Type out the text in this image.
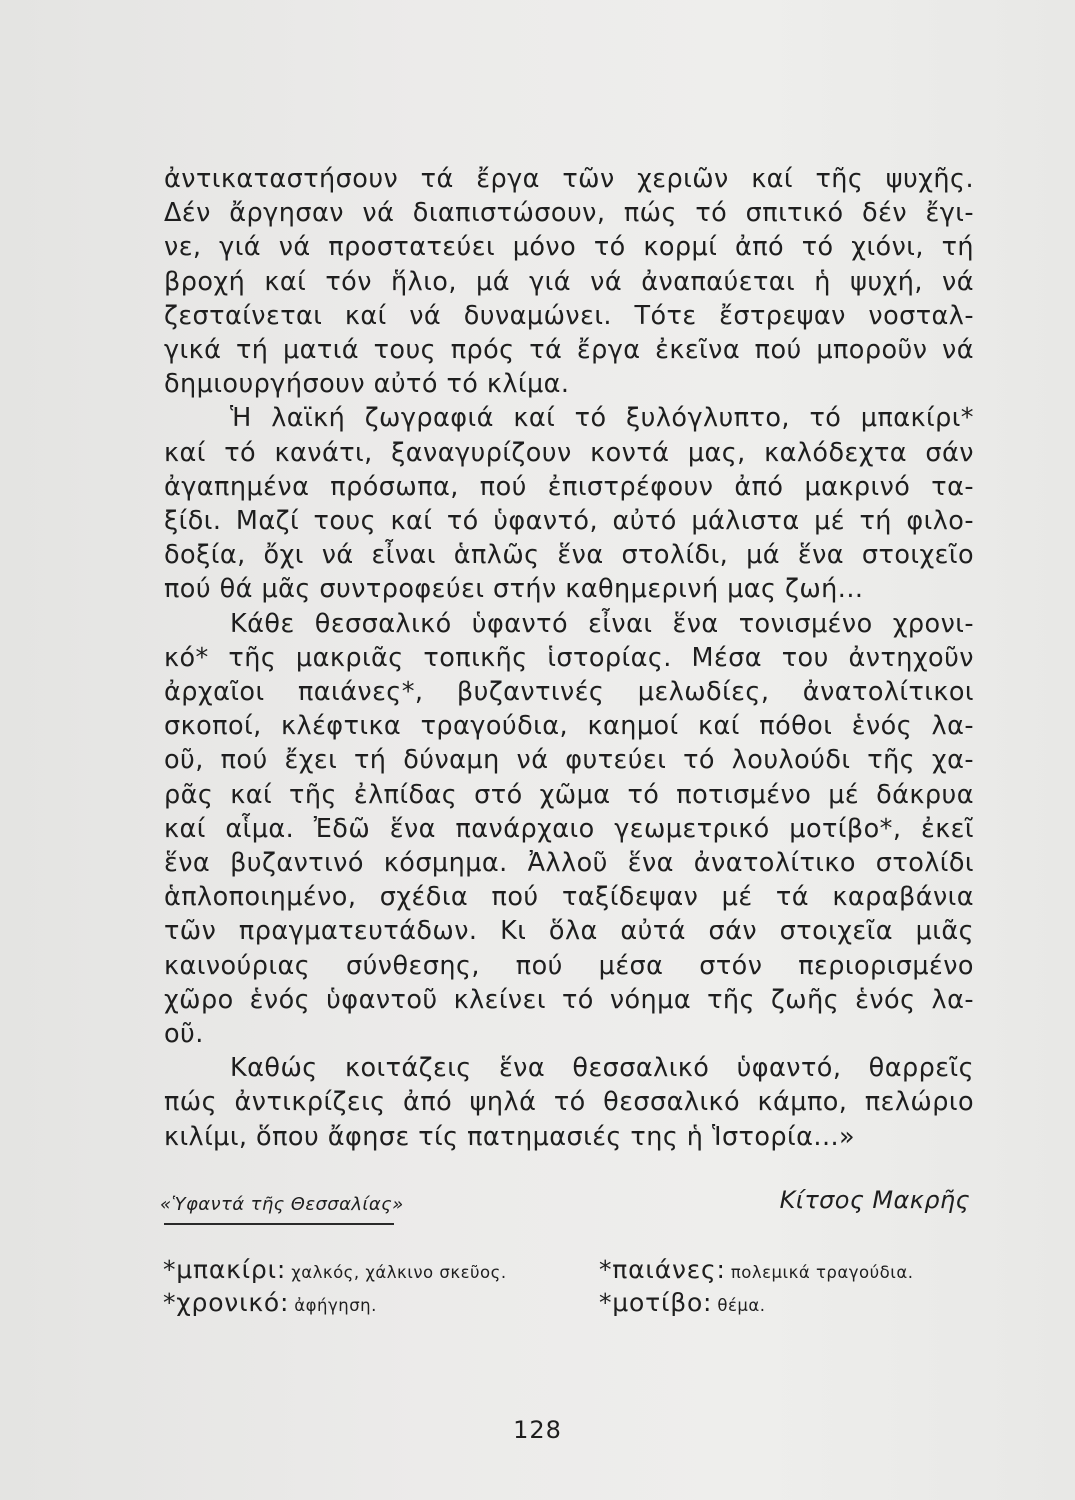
ἀντικαταστήσουν τά ἔργα τῶν χεριῶν καί τῆς ψυχῆς.
Δέν ἄργησαν νά διαπιστώσουν, πώς τό σπιτικό δέν ἔγι-
νε, γιά νά προστατεύει μόνο τό κορμί ἀπό τό χιόνι, τή
βροχή καί τόν ἥλιο, μά γιά νά ἀναπαύεται ἡ ψυχή, νά
ζεσταίνεται καί νά δυναμώνει. Τότε ἔστρεψαν νοσταλ-
γικά τή ματιά τους πρός τά ἔργα ἐκεῖνα πού μποροῦν νά
δημιουργήσουν αὐτό τό κλίμα.

Ἡ λαϊκή ζωγραφιά καί τό ξυλόγλυπτο, τό μπακίρι*
καί τό κανάτι, ξαναγυρίζουν κοντά μας, καλόδεχτα σάν
ἀγαπημένα πρόσωπα, πού ἐπιστρέφουν ἀπό μακρινό τα-
ξίδι. Μαζί τους καί τό ὑφαντό, αὐτό μάλιστα μέ τή φιλο-
δοξία, ὄχι νά εἶναι ἁπλῶς ἕνα στολίδι, μά ἕνα στοιχεῖο
πού θά μᾶς συντροφεύει στήν καθημερινή μας ζωή...

Κάθε θεσσαλικό ὑφαντό εἶναι ἕνα τονισμένο χρονι-
κό* τῆς μακριᾶς τοπικῆς ἱστορίας. Μέσα του ἀντηχοῦν
ἀρχαῖοι παιάνες*, βυζαντινές μελωδίες, ἀνατολίτικοι
σκοποί, κλέφτικα τραγούδια, καημοί καί πόθοι ἑνός λα-
οῦ, πού ἔχει τή δύναμη νά φυτεύει τό λουλούδι τῆς χα-
ρᾶς καί τῆς ἐλπίδας στό χῶμα τό ποτισμένο μέ δάκρυα
καί αἷμα. Ἐδῶ ἕνα πανάρχαιο γεωμετρικό μοτίβο*, ἐκεῖ
ἕνα βυζαντινό κόσμημα. Ἀλλοῦ ἕνα ἀνατολίτικο στολίδι
ἁπλοποιημένο, σχέδια πού ταξίδεψαν μέ τά καραβάνια
τῶν πραγματευτάδων. Κι ὅλα αὐτά σάν στοιχεῖα μιᾶς
καινούριας σύνθεσης, πού μέσα στόν περιορισμένο
χῶρο ἑνός ὑφαντοῦ κλείνει τό νόημα τῆς ζωῆς ἑνός λα-
οῦ.

Καθώς κοιτάζεις ἕνα θεσσαλικό ὑφαντό, θαρρεῖς
πώς ἀντικρίζεις ἀπό ψηλά τό θεσσαλικό κάμπο, πελώριο
κιλίμι, ὅπου ἄφησε τίς πατημασιές της ἡ Ἱστορία...»

«Ὑφαντά τῆς Θεσσαλίας»	Κίτσος Μακρῆς
*μπακίρι: χαλκός, χάλκινο σκεῦος.	*παιάνες: πολεμικά τραγούδια.
*χρονικό: ἀφήγηση.	*μοτίβο: θέμα.
128
